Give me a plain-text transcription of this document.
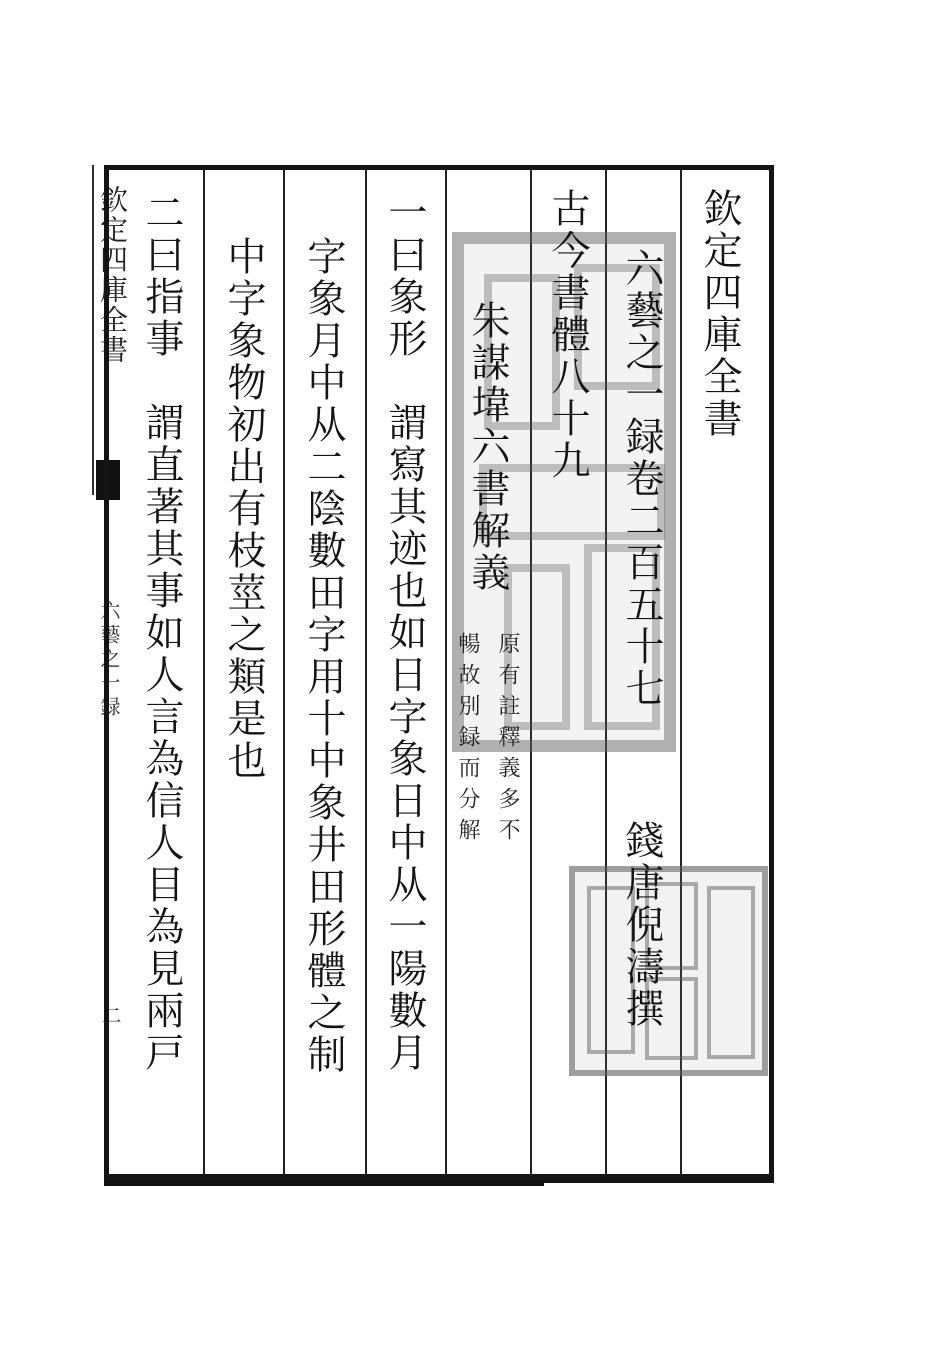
欽定四庫全書
六藝之一録
二
欽定四庫全書
六藝之一録卷二百五十七
古今書體八十九
朱謀㙔六書解義
原有註釋義多不
暢故別録而分解
錢唐倪濤撰
一曰象形　謂寫其迹也如日字象日中从一陽數月
字象月中从二陰數田字用十中象井田形體之制
中字象物初出有枝莖之類是也
二曰指事　謂直著其事如人言為信人目為見兩戸
